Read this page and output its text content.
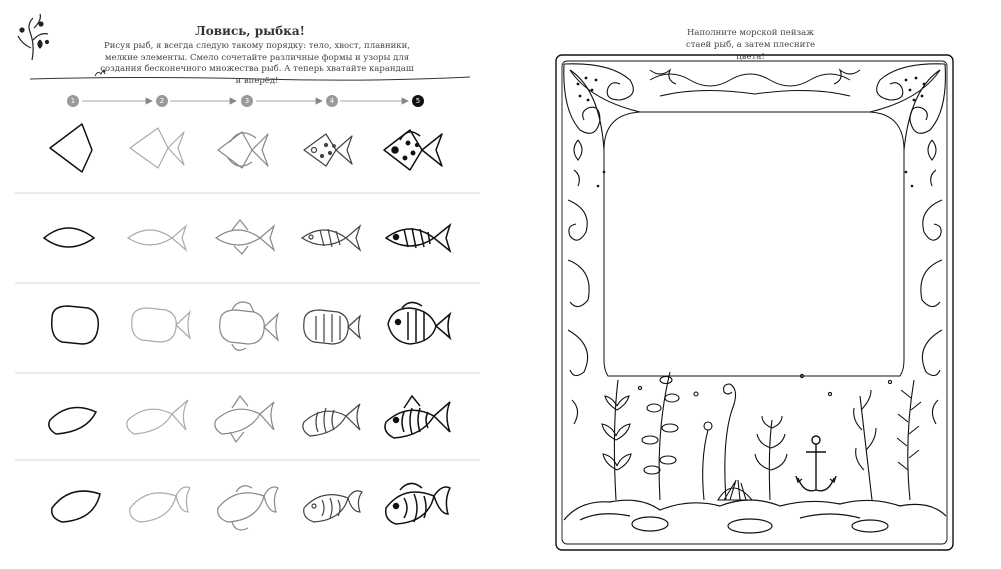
Ловись, рыбка!
Рисуя рыб, я всегда следую такому порядку: тело, хвост, плавники, мелкие элементы. Смело сочетайте различные формы и узоры для создания бесконечного множества рыб. А теперь хватайте карандаш и вперёд!
1	2	3	4	5
Наполните морской пейзаж стаей рыб, а затем плесните цвета!
